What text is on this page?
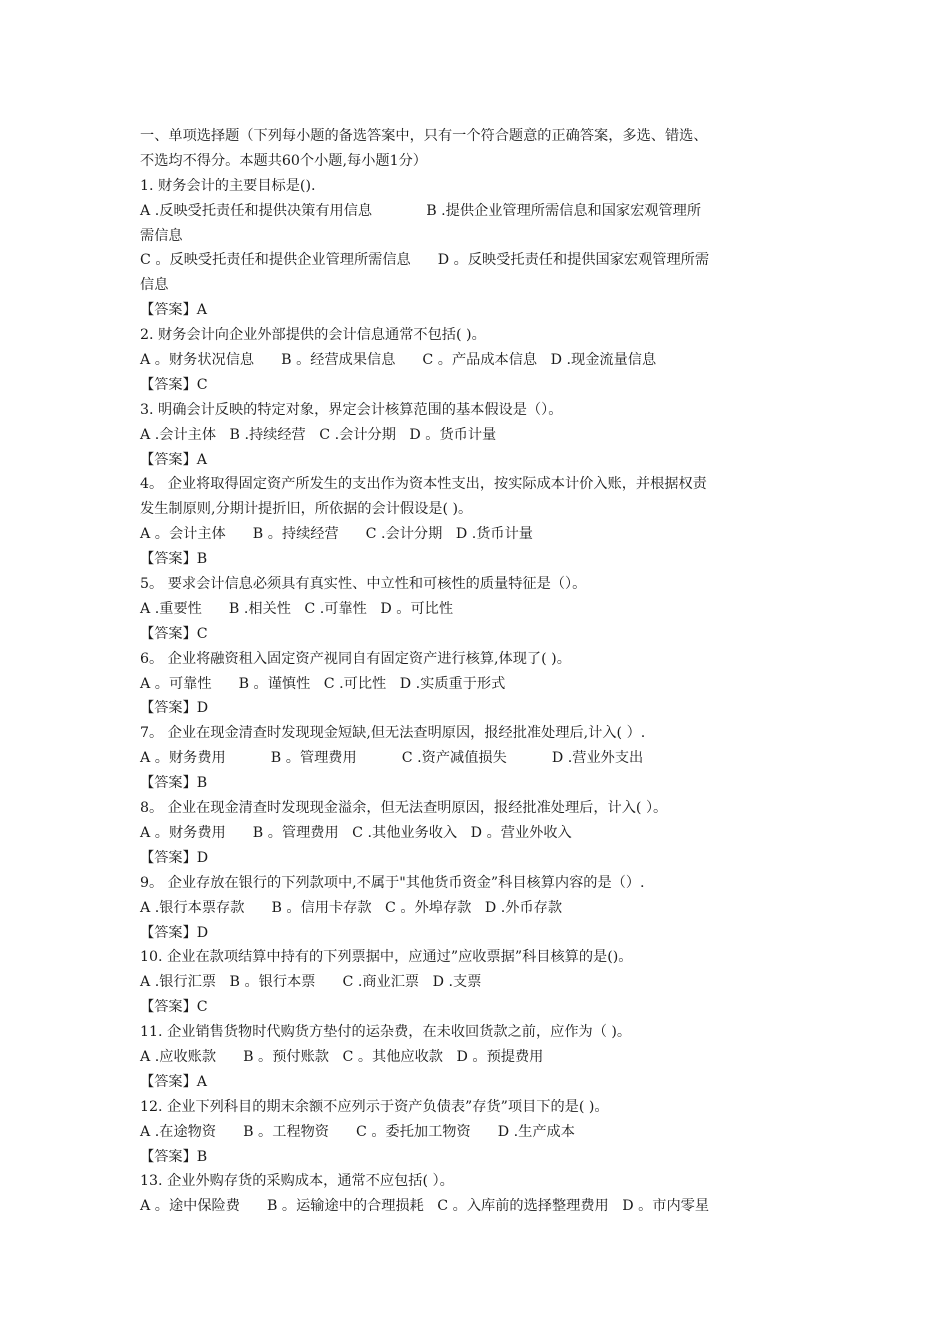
一、单项选择题（下列每小题的备选答案中，只有一个符合题意的正确答案，多选、错选、
不选均不得分。本题共60个小题,每小题1分）
1. 财务会计的主要目标是().
A .反映受托责任和提供决策有用信息            B .提供企业管理所需信息和国家宏观管理所
需信息
C 。反映受托责任和提供企业管理所需信息      D 。反映受托责任和提供国家宏观管理所需
信息
【答案】A
2. 财务会计向企业外部提供的会计信息通常不包括( )。
A 。财务状况信息      B 。经营成果信息      C 。产品成本信息   D .现金流量信息
【答案】C
3. 明确会计反映的特定对象，界定会计核算范围的基本假设是（）。
A .会计主体   B .持续经营   C .会计分期   D 。货币计量
【答案】A
4。 企业将取得固定资产所发生的支出作为资本性支出，按实际成本计价入账，并根据权责
发生制原则,分期计提折旧，所依据的会计假设是( )。
A 。会计主体      B 。持续经营      C .会计分期   D .货币计量
【答案】B
5。 要求会计信息必须具有真实性、中立性和可核性的质量特征是（）。
A .重要性      B .相关性   C .可靠性   D 。可比性
【答案】C
6。 企业将融资租入固定资产视同自有固定资产进行核算,体现了( )。
A 。可靠性      B 。谨慎性   C .可比性   D .实质重于形式
【答案】D
7。 企业在现金清查时发现现金短缺,但无法查明原因，报经批准处理后,计入( ）.
A 。财务费用          B 。管理费用          C .资产减值损失          D .营业外支出
【答案】B
8。 企业在现金清查时发现现金溢余，但无法查明原因，报经批准处理后，计入( ）。
A 。财务费用      B 。管理费用   C .其他业务收入   D 。营业外收入
【答案】D
9。 企业存放在银行的下列款项中,不属于"其他货币资金”科目核算内容的是（）.
A .银行本票存款      B 。信用卡存款   C 。外埠存款   D .外币存款
【答案】D
10. 企业在款项结算中持有的下列票据中，应通过”应收票据”科目核算的是()。
A .银行汇票   B 。银行本票      C .商业汇票   D .支票
【答案】C
11. 企业销售货物时代购货方垫付的运杂费，在未收回货款之前，应作为（ )。
A .应收账款      B 。预付账款   C 。其他应收款   D 。预提费用
【答案】A
12. 企业下列科目的期末余额不应列示于资产负债表”存货”项目下的是( )。
A .在途物资      B 。工程物资      C 。委托加工物资      D .生产成本
【答案】B
13. 企业外购存货的采购成本，通常不应包括( ）。
A 。途中保险费      B 。运输途中的合理损耗   C 。入库前的选择整理费用   D 。市内零星
